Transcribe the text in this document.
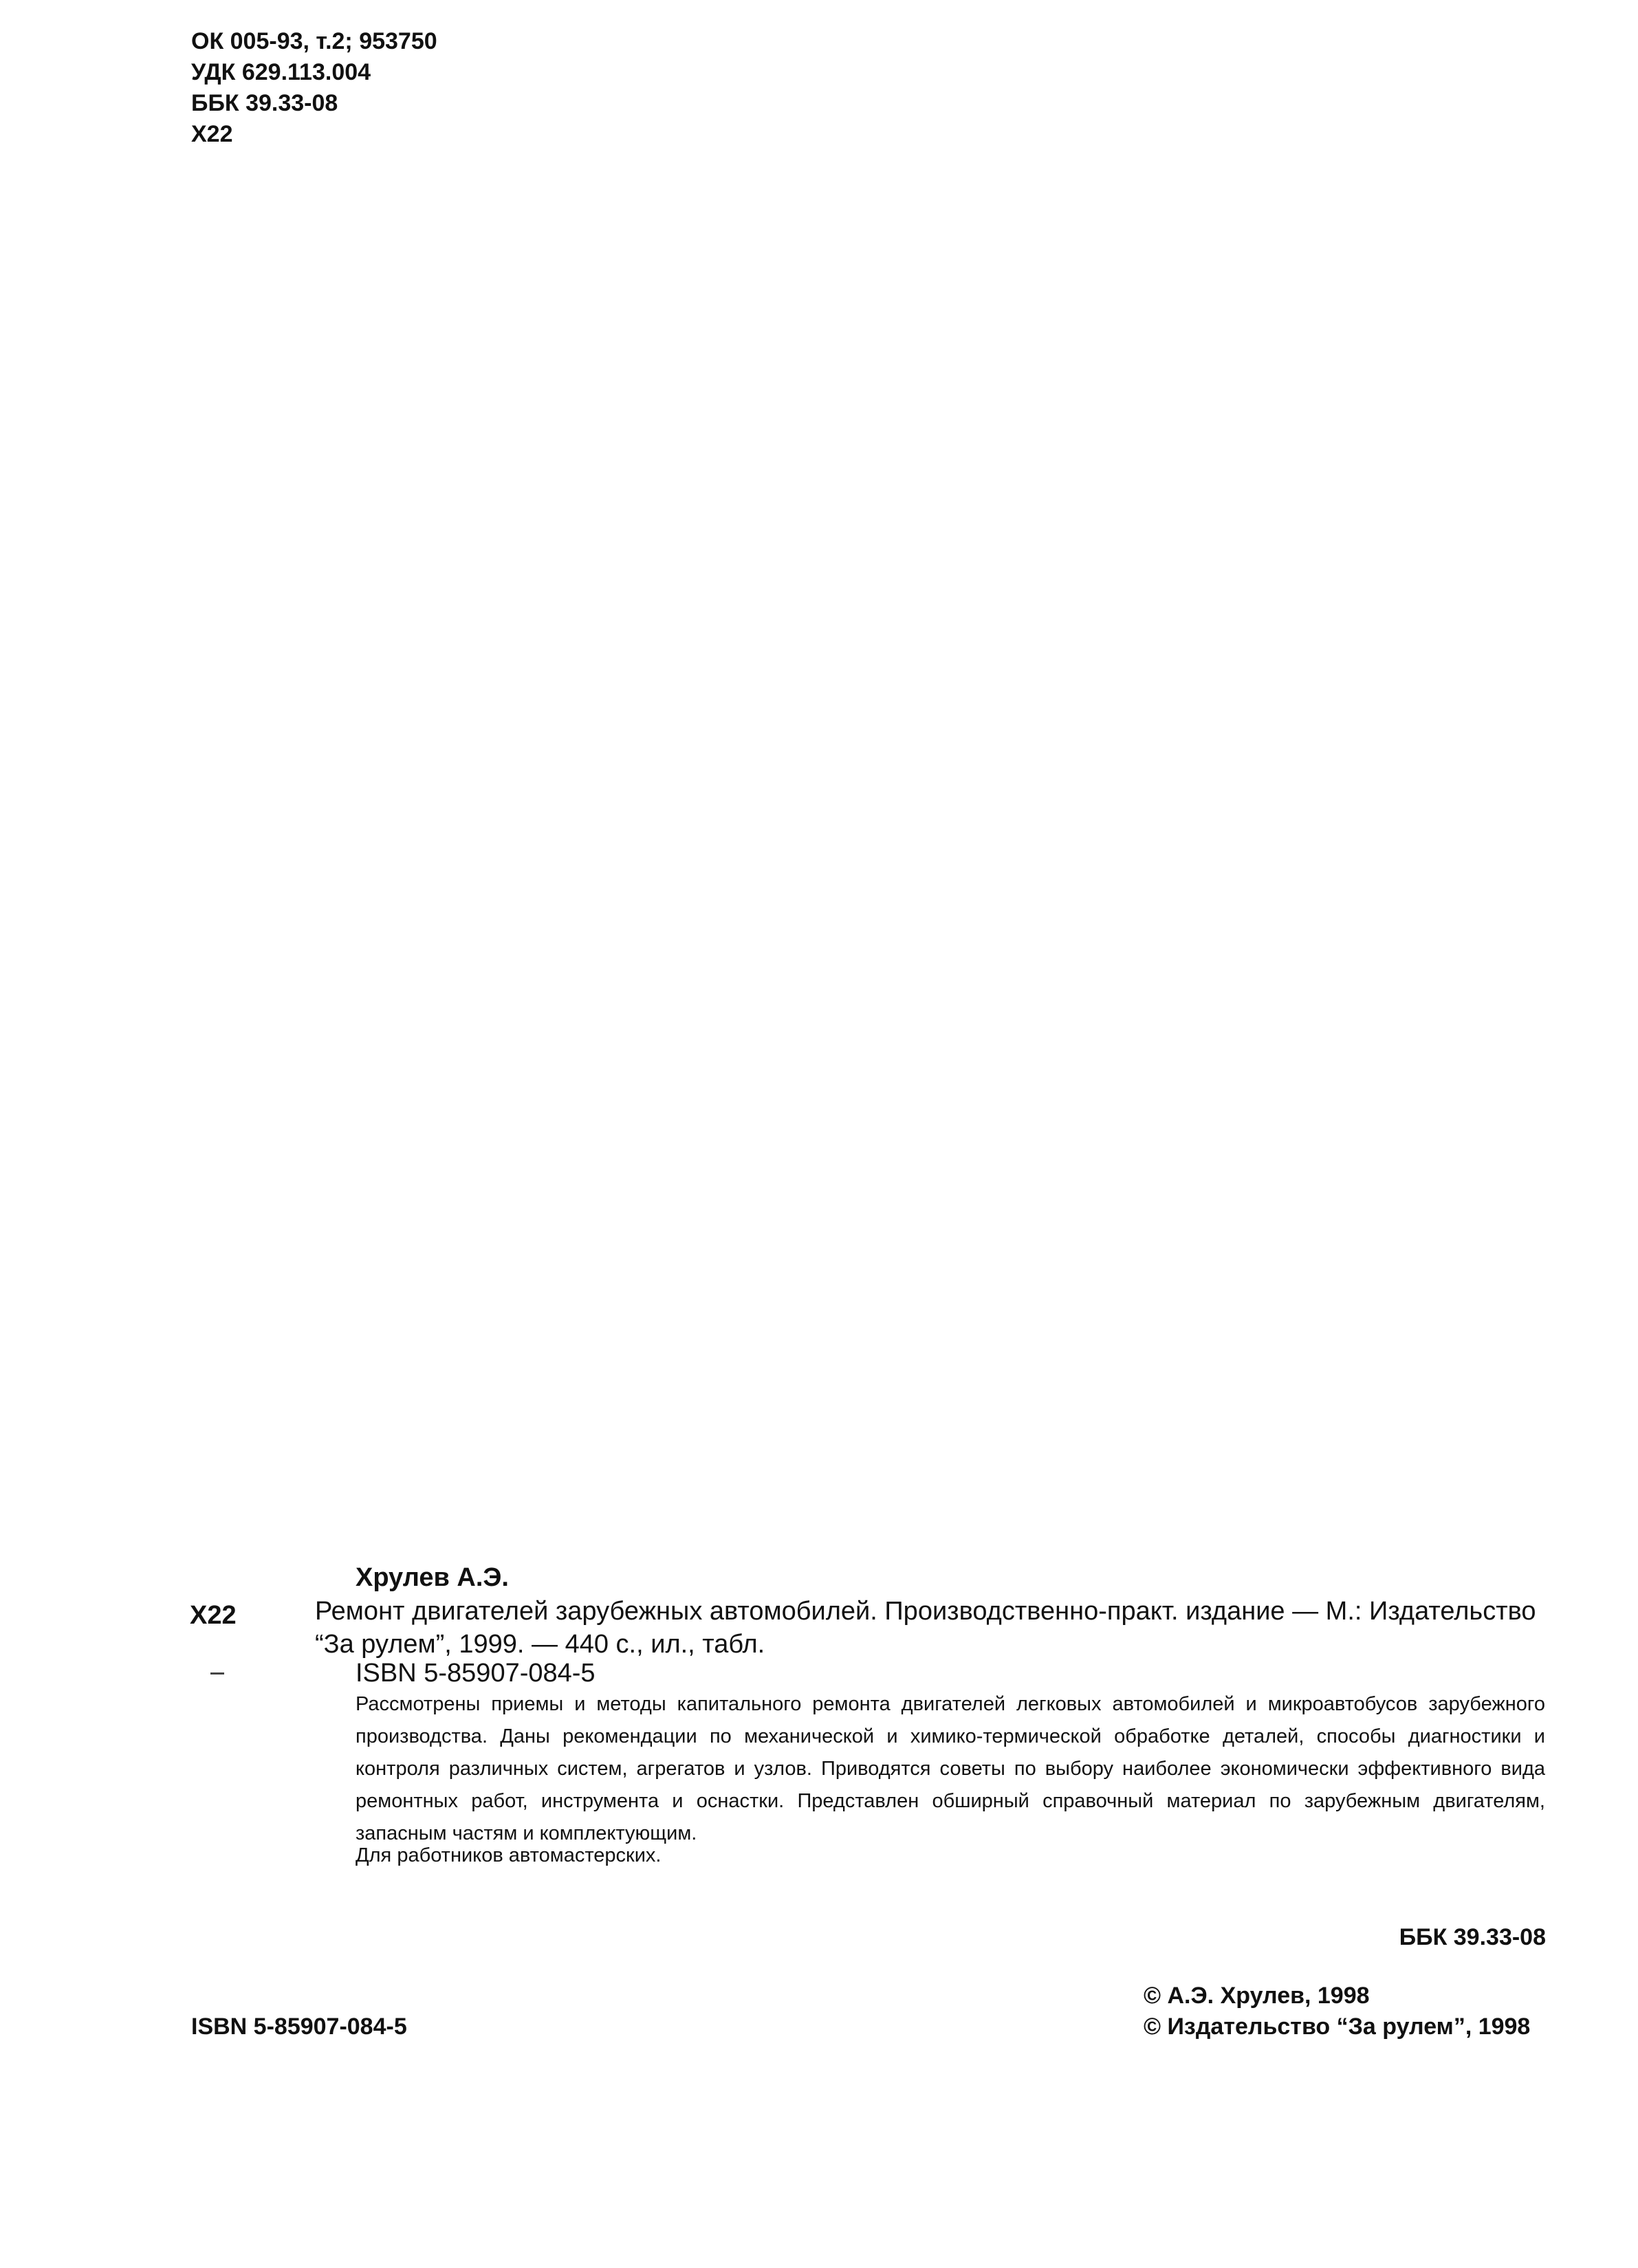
ОК 005-93, т.2; 953750
УДК 629.113.004
ББК 39.33-08
Х22
Хрулев А.Э.
Х22	Ремонт двигателей зарубежных автомобилей. Производственно-практ. издание — М.: Издательство “За рулем”, 1999. — 440 с., ил., табл.
ISBN 5-85907-084-5

Рассмотрены приемы и методы капитального ремонта двигателей легковых автомобилей и микроавтобусов зарубежного производства. Даны рекомендации по механической и химико-термической обработке деталей, способы диагностики и контроля различных систем, агрегатов и узлов. Приводятся советы по выбору наиболее экономически эффективного вида ремонтных работ, инструмента и оснастки. Представлен обширный справочный материал по зарубежным двигателям, запасным частям и комплектующим.

Для работников автомастерских.
ББК 39.33-08
ISBN 5-85907-084-5
© А.Э. Хрулев, 1998
© Издательство “За рулем”, 1998
